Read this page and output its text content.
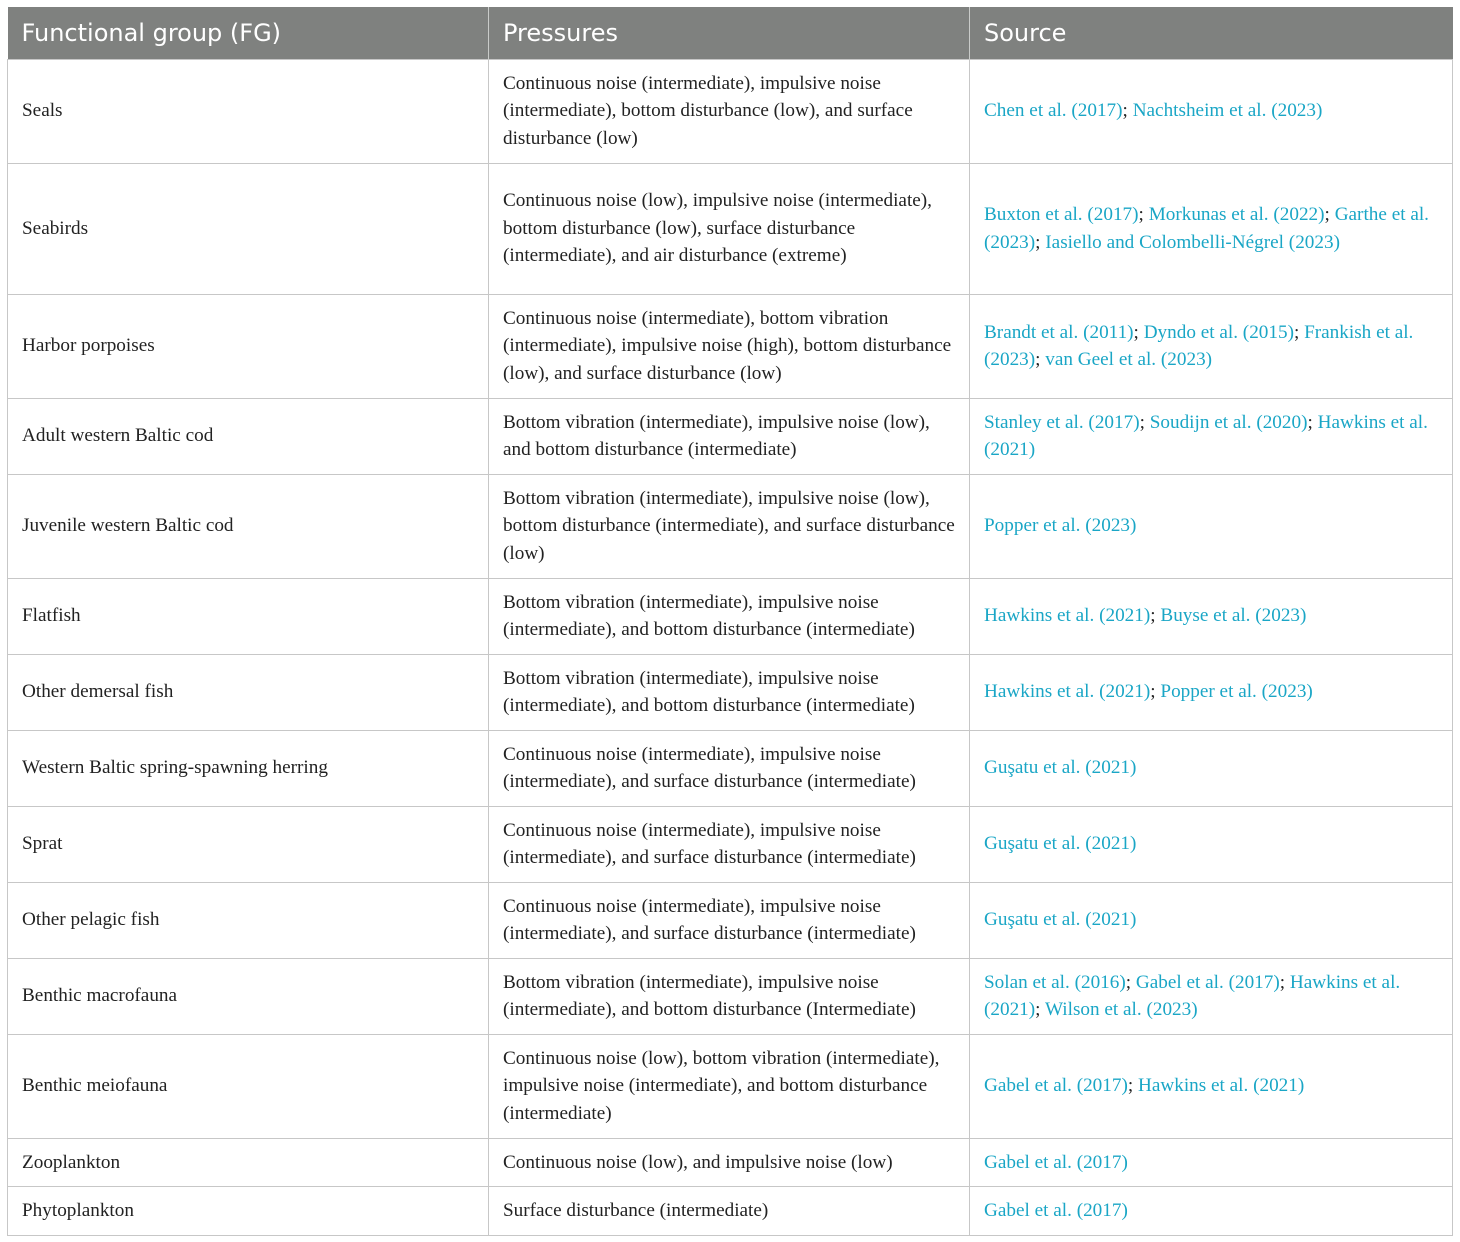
Functional group (FG)	Pressures	Source
Seals	Continuous noise (intermediate), impulsive noise (intermediate), bottom disturbance (low), and surface disturbance (low)	Chen et al. (2017); Nachtsheim et al. (2023)
Seabirds	Continuous noise (low), impulsive noise (intermediate), bottom disturbance (low), surface disturbance (intermediate), and air disturbance (extreme)	Buxton et al. (2017); Morkunas et al. (2022); Garthe et al. (2023); Iasiello and Colombelli-Négrel (2023)
Harbor porpoises	Continuous noise (intermediate), bottom vibration (intermediate), impulsive noise (high), bottom disturbance (low), and surface disturbance (low)	Brandt et al. (2011); Dyndo et al. (2015); Frankish et al. (2023); van Geel et al. (2023)
Adult western Baltic cod	Bottom vibration (intermediate), impulsive noise (low), and bottom disturbance (intermediate)	Stanley et al. (2017); Soudijn et al. (2020); Hawkins et al. (2021)
Juvenile western Baltic cod	Bottom vibration (intermediate), impulsive noise (low), bottom disturbance (intermediate), and surface disturbance (low)	Popper et al. (2023)
Flatfish	Bottom vibration (intermediate), impulsive noise (intermediate), and bottom disturbance (intermediate)	Hawkins et al. (2021); Buyse et al. (2023)
Other demersal fish	Bottom vibration (intermediate), impulsive noise (intermediate), and bottom disturbance (intermediate)	Hawkins et al. (2021); Popper et al. (2023)
Western Baltic spring-spawning herring	Continuous noise (intermediate), impulsive noise (intermediate), and surface disturbance (intermediate)	Guşatu et al. (2021)
Sprat	Continuous noise (intermediate), impulsive noise (intermediate), and surface disturbance (intermediate)	Guşatu et al. (2021)
Other pelagic fish	Continuous noise (intermediate), impulsive noise (intermediate), and surface disturbance (intermediate)	Guşatu et al. (2021)
Benthic macrofauna	Bottom vibration (intermediate), impulsive noise (intermediate), and bottom disturbance (Intermediate)	Solan et al. (2016); Gabel et al. (2017); Hawkins et al. (2021); Wilson et al. (2023)
Benthic meiofauna	Continuous noise (low), bottom vibration (intermediate), impulsive noise (intermediate), and bottom disturbance (intermediate)	Gabel et al. (2017); Hawkins et al. (2021)
Zooplankton	Continuous noise (low), and impulsive noise (low)	Gabel et al. (2017)
Phytoplankton	Surface disturbance (intermediate)	Gabel et al. (2017)
